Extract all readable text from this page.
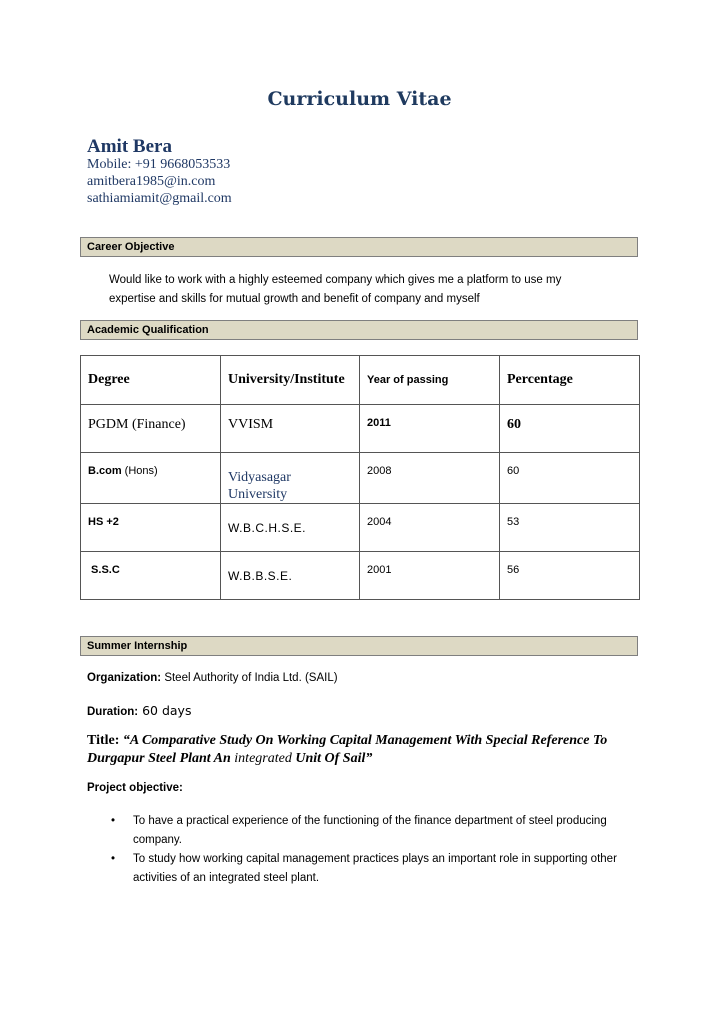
Curriculum Vitae
Amit Bera
Mobile: +91 9668053533
amitbera1985@in.com
sathiamiamit@gmail.com
Career Objective
Would like to work with a highly esteemed company which gives me a platform to use my
expertise and skills for mutual growth and benefit of company and myself
Academic Qualification
Degree	University/Institute	Year of passing	Percentage
PGDM (Finance)	VVISM	2011	60
B.com (Hons)	Vidyasagar University	2008	60
HS +2	W.B.C.H.S.E.	2004	53
S.S.C	W.B.B.S.E.	2001	56
Summer Internship
Organization: Steel Authority of India Ltd. (SAIL)
Duration: 60 days
Title: “A Comparative Study On Working Capital Management With Special Reference To Durgapur Steel Plant An integrated Unit Of Sail”
Project objective:
• To have a practical experience of the functioning of the finance department of steel producing company.
• To study how working capital management practices plays an important role in supporting other activities of an integrated steel plant.
